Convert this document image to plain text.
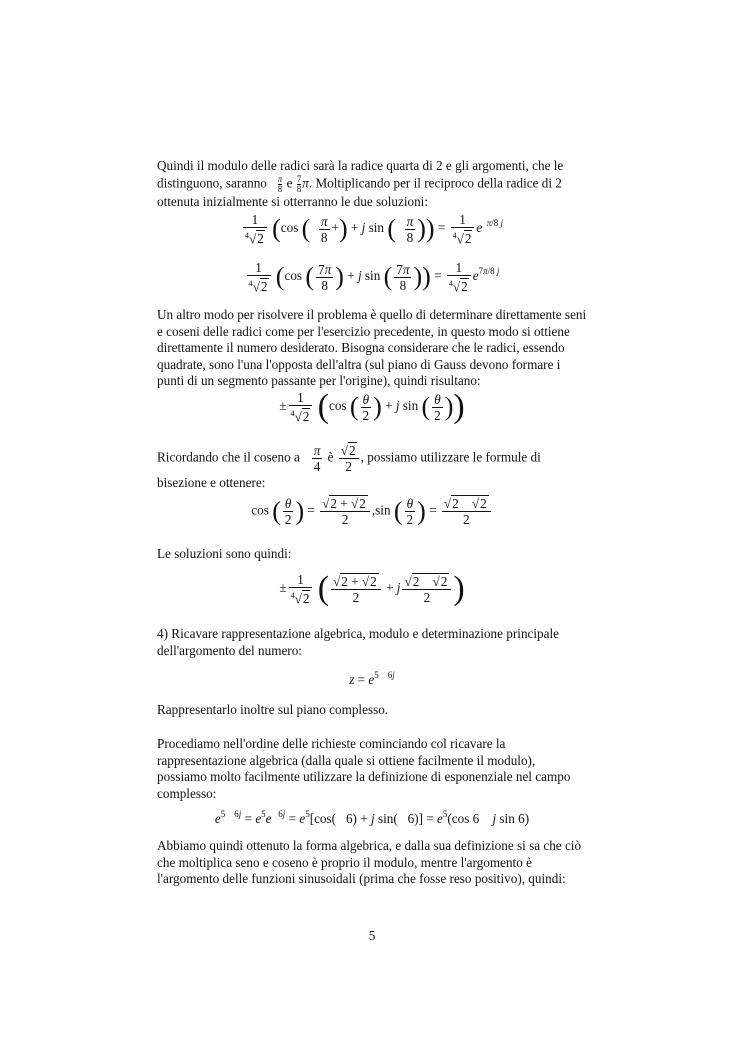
Quindi il modulo delle radici sarà la radice quarta di 2 e gli argomenti, che le
distinguono, saranno $\frac{\pi}{8}$ e $\frac{7}{8} \pi$. Moltiplicando per il reciproco della radice di 2
ottenuta inizialmente si otterranno le due soluzioni:
$\frac{1}{^4√2} (\cos$ ( $\frac{\pi}{8}$ +) + j sin ( $\frac{\pi}{8}$ )) = $\frac{1}{^4√2}$ e $^{\pi/8 j}$
$\frac{1}{^4√2} (\cos$ ( $\frac{7\pi}{8}$ ) + j sin ( $\frac{7\pi}{8}$ )) = $\frac{1}{^4√2} e^{7\pi/8 j}$
Un altro modo per risolvere il problema è quello di determinare direttamente seni e coseni delle radici come per l'esercizio precedente, in questo modo si ottiene direttamente il numero desiderato. Bisogna considerare che le radici, essendo quadrate, sono l'una l'opposta dell'altra (sul piano di Gauss devono formare i punti di un segmento passante per l'origine), quindi risultano:
± $\frac{1}{^4√2} (\cos$ ( $\frac{\theta}{2}$ ) + j sin ( $\frac{\theta}{2}$ ))
Ricordando che il coseno a $\frac{\pi}{4}$ è $\frac{√2}{2}$ , possiamo utilizzare le formule di
bisezione e ottenere:
cos ( $\frac{\theta}{2}$ ) = $\frac{√2 + √2}{2} ,\sin$ ( $\frac{\theta}{2}$ ) = $\frac{√2 √2}{2}$
Le soluzioni sono quindi:
± $\frac{1}{^4√2}$ ( $\frac{√2 + √2}{2} + j \frac{√2 √2}{2}$ )
4) Ricavare rappresentazione algebrica, modulo e determinazione principale dell'argomento del numero:
$z = e^{5 6j}$
Rappresentarlo inoltre sul piano complesso.
Procediamo nell'ordine delle richieste cominciando col ricavare la rappresentazione algebrica (dalla quale si ottiene facilmente il modulo), possiamo molto facilmente utilizzare la definizione di esponenziale nel campo complesso:
$e^{5 6j} = e^5e$   $^{6j} = e^5[\cos$(   6) + j sin(   $6)] = e^5(\cos$ 6    j sin 6)
Abbiamo quindi ottenuto la forma algebrica, e dalla sua definizione si sa che ciò che moltiplica seno e coseno è proprio il modulo, mentre l'argomento è l'argomento delle funzioni sinusoidali (prima che fosse reso positivo), quindi:
5
